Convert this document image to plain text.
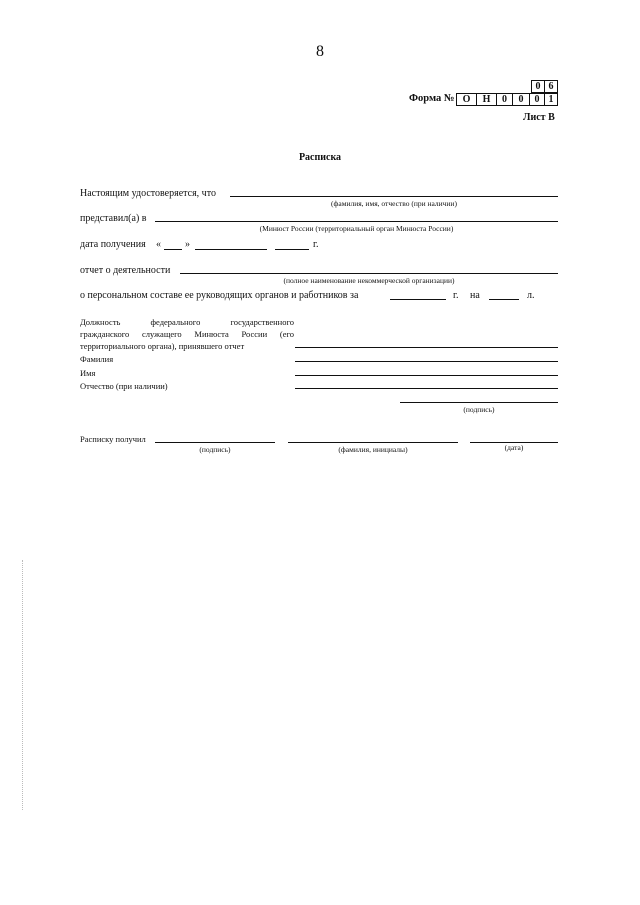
8
Форма №
0 6
О	Н	0	0	0 1
Лист В
Расписка
Настоящим удостоверяется, что
(фамилия, имя, отчество (при наличии)
представил(а) в
(Минюст России (территориальный орган Минюста России)
дата получения « »	г.
отчет о деятельности
(полное наименование некоммерческой организации)
о персональном составе ее руководящих органов и работников за	г. на	л.
Должность	федерального	государственного
гражданского служащего Минюста России (его
территориального органа), принявшего отчет
Фамилия
Имя
Отчество (при наличии)
(подпись)
Расписку получил
(подпись)	(фамилия, инициалы)	(дата)
